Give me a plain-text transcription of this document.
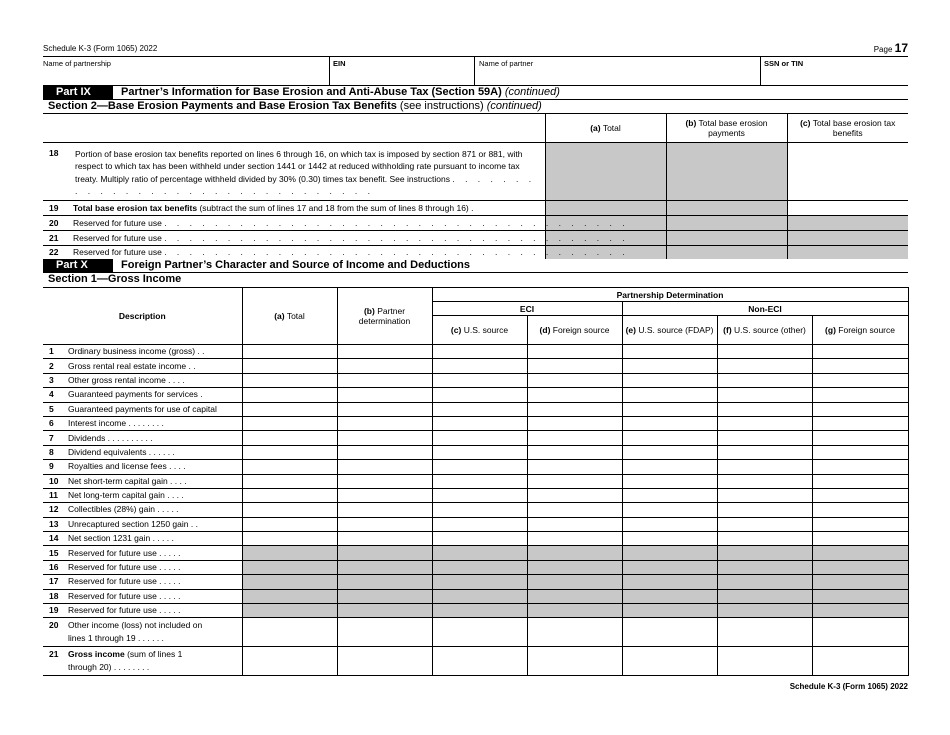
Schedule K-3 (Form 1065) 2022	Page 17
Name of partnership	EIN	Name of partner	SSN or TIN
Part IX	Partner’s Information for Base Erosion and Anti-Abuse Tax (Section 59A) (continued)
Section 2—Base Erosion Payments and Base Erosion Tax Benefits (see instructions) (continued)
	(a) Total	(b) Total base erosion payments	(c) Total base erosion tax benefits

18 Portion of base erosion tax benefits reported on lines 6 through 16, on which tax is imposed by section 871 or 881, with respect to which tax has been withheld under section 1441 or 1442 at reduced withholding rate pursuant to income tax treaty. Multiply ratio of percentage withheld divided by 30% (0.30) times tax benefit. See instructions . . . . . . . . . . . . . . . . . . . . . . . . . . . . . . .			

19 Total base erosion tax benefits (subtract the sum of lines 17 and 18 from the sum of lines 8 through 16) .			
20 Reserved for future use . . . . . . . . . . . . . . . . . . . . . . . . . . . . . . . . . . . . .			
21 Reserved for future use . . . . . . . . . . . . . . . . . . . . . . . . . . . . . . . . . . . . .			
22 Reserved for future use . . . . . . . . . . . . . . . . . . . . . . . . . . . . . . . . . . . . .			
Part X	Foreign Partner’s Character and Source of Income and Deductions
Section 1—Gross Income
Description		(a) Total	(b) Partner determination	Partnership Determination				
				ECI		Non-ECI		
				(c) U.S. source	(d) Foreign source	(e) U.S. source (FDAP)	(f) U.S. source (other)	(g) Foreign source
1	Ordinary business income (gross) . .							
2	Gross rental real estate income . .							
3	Other gross rental income . . . .							
4	Guaranteed payments for services .							
5	Guaranteed payments for use of capital							
6	Interest income . . . . . . . .							
7	Dividends . . . . . . . . . .							
8	Dividend equivalents . . . . . .							
9	Royalties and license fees . . . .							
10	Net short-term capital gain . . . .							
11	Net long-term capital gain . . . .							
12	Collectibles (28%) gain . . . . .							
13	Unrecaptured section 1250 gain . .							
14	Net section 1231 gain . . . . .							
15	Reserved for future use . . . . .							
16	Reserved for future use . . . . .							
17	Reserved for future use . . . . .							
18	Reserved for future use . . . . .							
19	Reserved for future use . . . . .							
20	Other income (loss) not included on
lines 1 through 19 . . . . . .							
21	Gross income (sum of lines 1
through 20) . . . . . . . .							
Schedule K-3 (Form 1065) 2022
